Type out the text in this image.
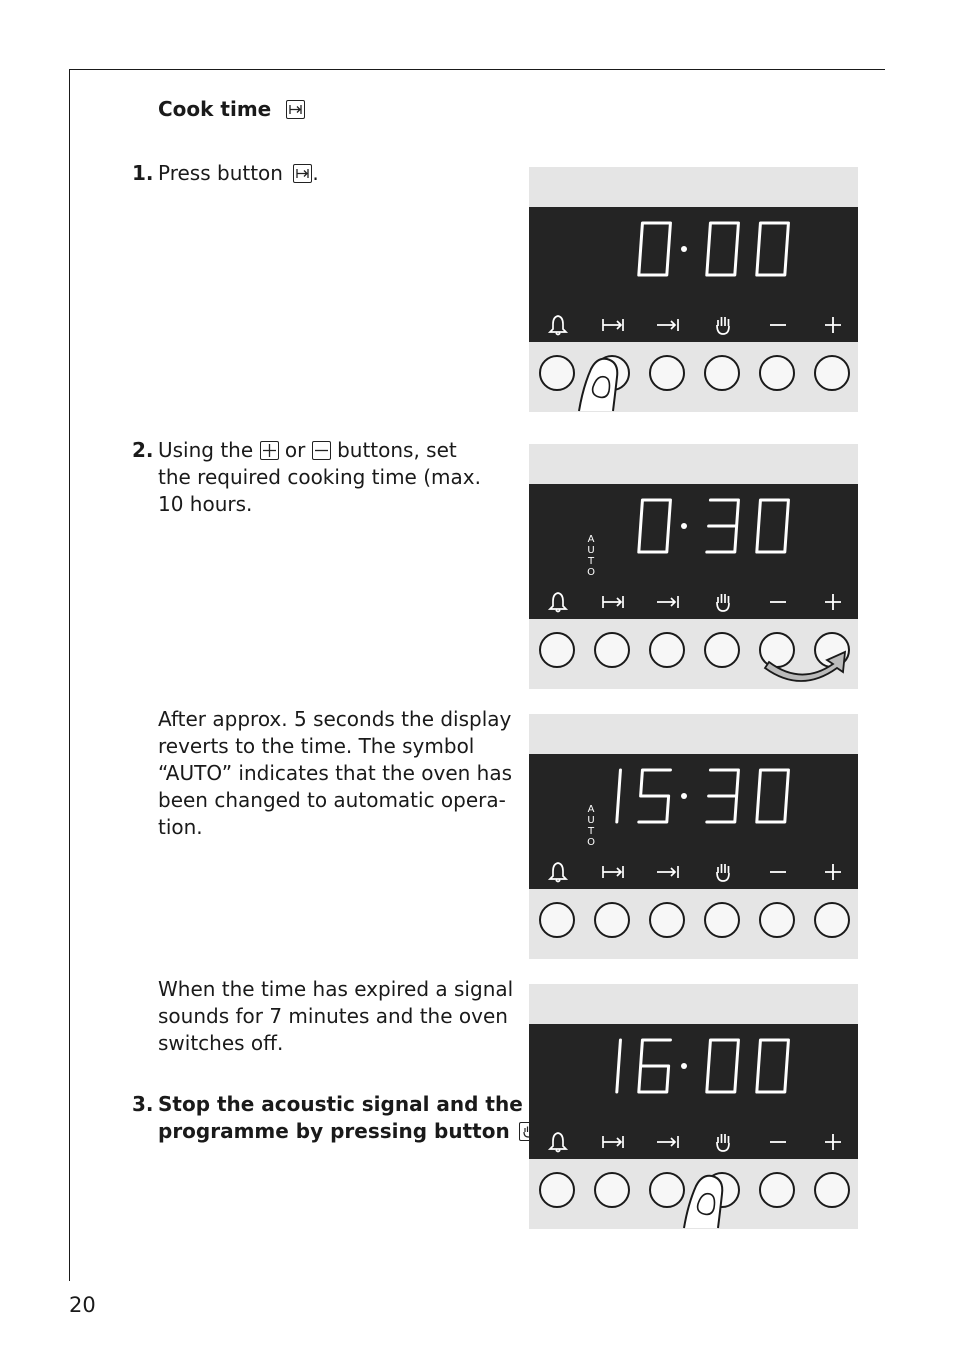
Cook time
1. Press button .
2. Using the or buttons, set
the required cooking time (max.
10 hours.
After approx. 5 seconds the display
reverts to the time. The symbol
“AUTO” indicates that the oven has
been changed to automatic opera-
tion.
When the time has expired a signal
sounds for 7 minutes and the oven
switches off.
3. Stop the acoustic signal and the
programme by pressing button
A
U
T
O
A
U
T
O
20
